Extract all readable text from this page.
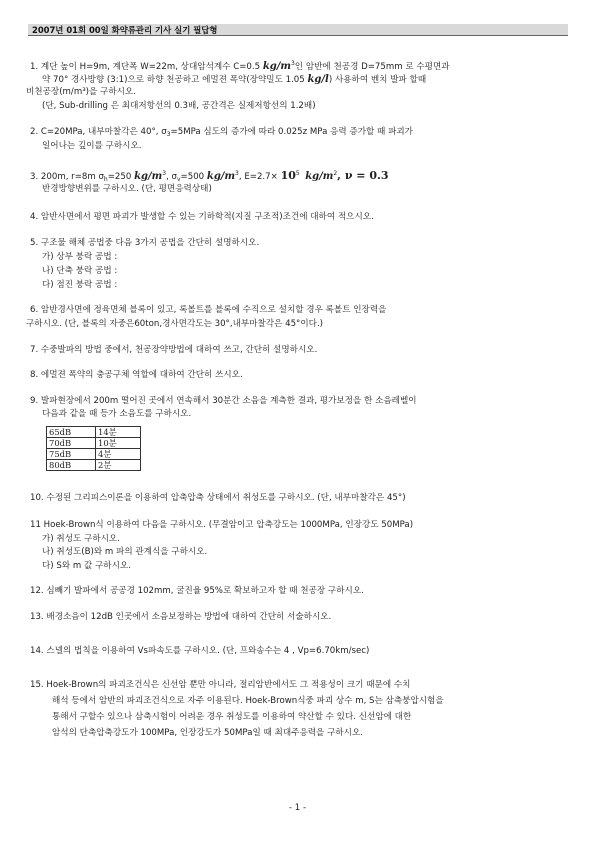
2007년 01회 00일 화약류관리 기사 실기 필답형
1. 계단 높이 H=9m, 계단폭 W=22m, 상대암석계수 C=0.5 $kg/m^3$인 암반에 천공경 D=75mm 로 수평면과
약 70° 경사방향 (3:1)으로 하향 천공하고 에멀젼 폭약(장약밀도 1.05 kg/l) 사용하여 벤치 발파 할때
비천공장(m/m³)을 구하시오.
(단, Sub-drilling 은 최대저항선의 0.3배, 공간격은 실제저항선의 1.2배)
2. C=20MPa, 내부마찰각은 40°, $\sigma_3=5MPa$ 심도의 증가에 따라 0.025z MPa 응력 증가할 때 파괴가
일어나는 깊이를 구하시오.
3. 200m, r=8m $\sigma_h=250$ $kg/m^3$, $\sigma_v=500$ $kg/m^3$, $E=2.7\times 10^5$ $kg/m^2$, ν = 0.3
반경방향변위를 구하시오. (단, 평면응력상태)
4. 암반사면에서 평면 파괴가 발생할 수 있는 기하학적(지질 구조적)조건에 대하여 적으시오.
5. 구조물 해체 공법중 다음 3가지 공법을 간단히 설명하시오.
가) 상부 붕락 공법 :
나) 단축 붕락 공법 :
다) 점진 붕락 공법 :
6. 암반경사면에 정육면체 블록이 있고, 록볼트를 블록에 수직으로 설치할 경우 록볼트 인장력을
구하시오. (단, 블록의 자중은60ton,경사면각도는 30°,내부마찰각은 45°이다.)
7. 수중발파의 방법 중에서, 천공장약방법에 대하여 쓰고, 간단히 설명하시오.
8. 에멀젼 폭약의 충공구체 역할에 대하여 간단히 쓰시오.
9. 발파현장에서 200m 떨어진 곳에서 연속해서 30분간 소음을 계측한 결과, 평가보정을 한 소음레벨이
다음과 같을 때 등가 소음도를 구하시오.
65dB	14분
70dB	10분
75dB	4분
80dB	2분
10. 수정된 그리피스이론을 이용하여 압축압축 상태에서 취성도를 구하시오. (단, 내부마찰각은 45°)
11 Hoek-Brown식 이용하여 다음을 구하시오. (무결암이고 압축강도는 1000MPa, 인장강도 50MPa)
가) 취성도 구하시오.
나) 취성도(B)와 m 파의 관계식을 구하시오.
다) S와 m 값 구하시오.
12. 심빼기 발파에서 공공경 102mm, 굴진율 95%로 확보하고자 할 때 천공장 구하시오.
13. 배경소음이 12dB 인곳에서 소음보정하는 방법에 대하여 간단히 서술하시오.
14. 스넬의 법칙을 이용하여 Vs파속도를 구하시오. (단, 프와송수는 4 , Vp=6.70km/sec)
15. Hoek-Brown의 파괴조건식은 신선암 뿐만 아니라, 절리암반에서도 그 적용성이 크기 때문에 수치
해석 등에서 암반의 파괴조건식으로 자주 이용된다. Hoek-Brown식중 파괴 상수 m, S는 삼축붕압시험을
통해서 구할수 있으나 삼축시험이 어려운 경우 취성도를 이용하여 약산할 수 있다. 신선암에 대한
암석의 단축압축강도가 100MPa, 인장강도가 50MPa일 때 최대주응력을 구하시오.
- 1 -
